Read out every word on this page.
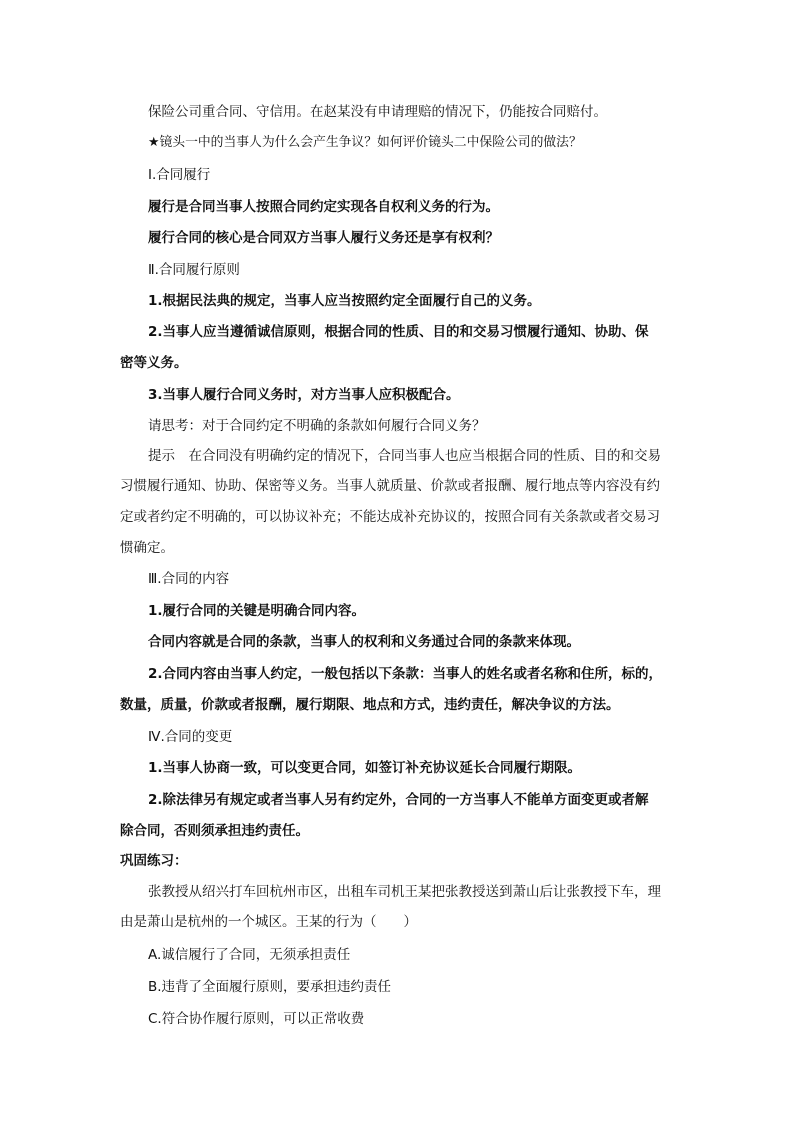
保险公司重合同、守信用。在赵某没有申请理赔的情况下，仍能按合同赔付。
★镜头一中的当事人为什么会产生争议？如何评价镜头二中保险公司的做法？
Ⅰ.合同履行
履行是合同当事人按照合同约定实现各自权利义务的行为。
履行合同的核心是合同双方当事人履行义务还是享有权利？
Ⅱ.合同履行原则
1.根据民法典的规定，当事人应当按照约定全面履行自己的义务。
2.当事人应当遵循诚信原则，根据合同的性质、目的和交易习惯履行通知、协助、保
密等义务。
3.当事人履行合同义务时，对方当事人应积极配合。
请思考：对于合同约定不明确的条款如何履行合同义务？
提示　在合同没有明确约定的情况下，合同当事人也应当根据合同的性质、目的和交易
习惯履行通知、协助、保密等义务。当事人就质量、价款或者报酬、履行地点等内容没有约
定或者约定不明确的，可以协议补充；不能达成补充协议的，按照合同有关条款或者交易习
惯确定。
Ⅲ.合同的内容
1.履行合同的关键是明确合同内容。
合同内容就是合同的条款，当事人的权利和义务通过合同的条款来体现。
2.合同内容由当事人约定，一般包括以下条款：当事人的姓名或者名称和住所，标的，
数量，质量，价款或者报酬，履行期限、地点和方式，违约责任，解决争议的方法。
Ⅳ.合同的变更
1.当事人协商一致，可以变更合同，如签订补充协议延长合同履行期限。
2.除法律另有规定或者当事人另有约定外，合同的一方当事人不能单方面变更或者解
除合同，否则须承担违约责任。
巩固练习：
张教授从绍兴打车回杭州市区，出租车司机王某把张教授送到萧山后让张教授下车，理
由是萧山是杭州的一个城区。王某的行为（　　）
A.诚信履行了合同，无须承担责任
B.违背了全面履行原则，要承担违约责任
C.符合协作履行原则，可以正常收费
